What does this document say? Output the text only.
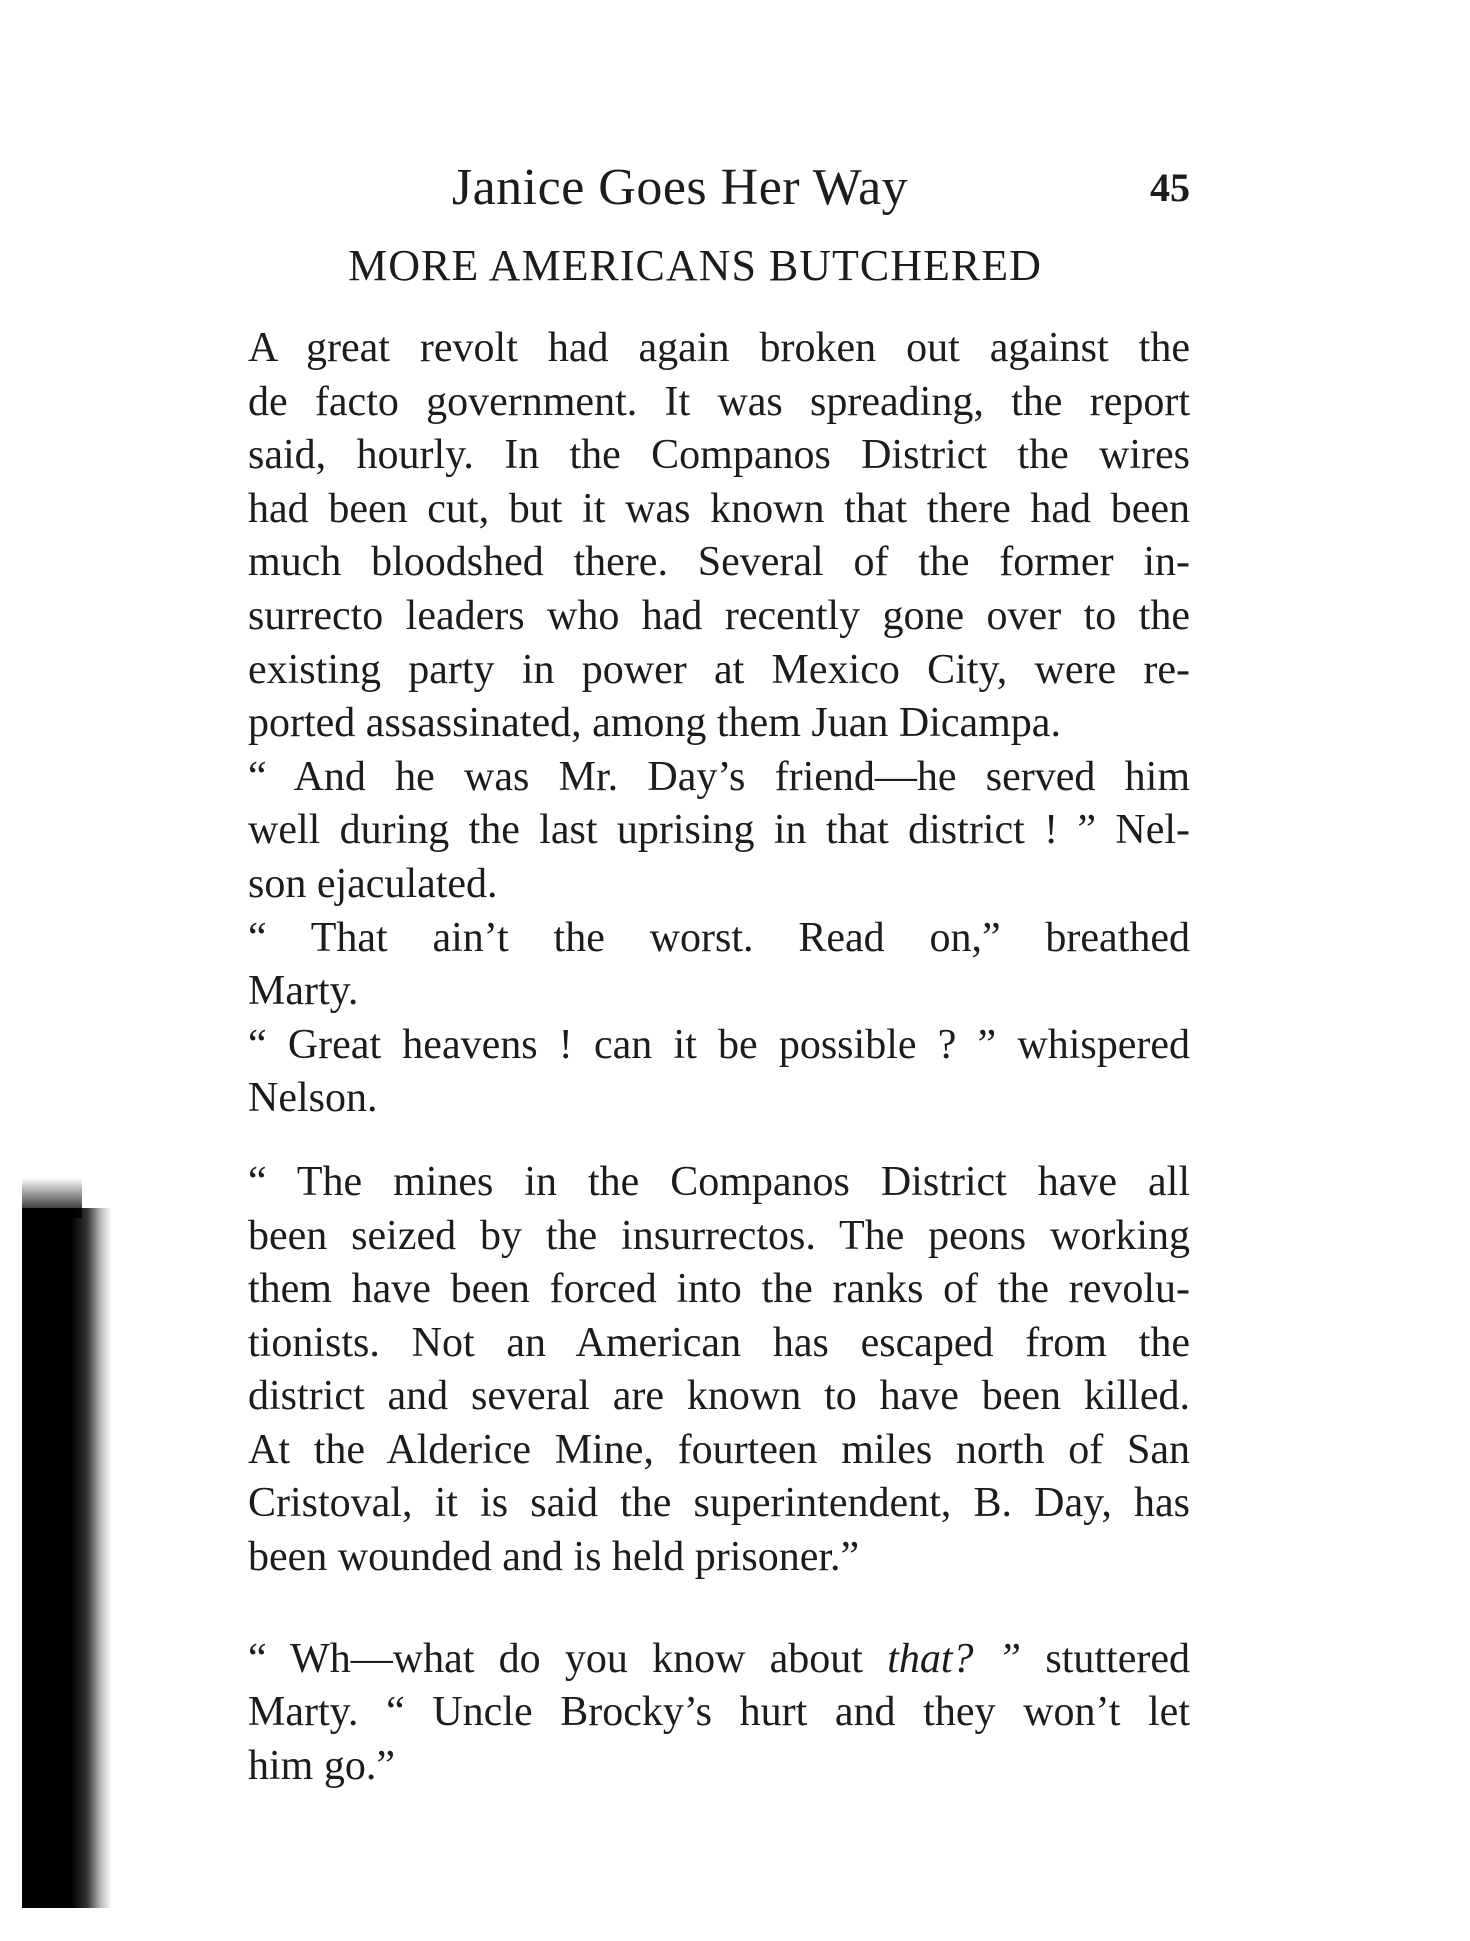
Janice Goes Her Way	45
MORE AMERICANS BUTCHERED
A great revolt had again broken out against the
de facto government. It was spreading, the report
said, hourly. In the Companos District the wires
had been cut, but it was known that there had been
much bloodshed there. Several of the former in-
surrecto leaders who had recently gone over to the
existing party in power at Mexico City, were re-
ported assassinated, among them Juan Dicampa.
“ And he was Mr. Day’s friend—he served him
well during the last uprising in that district ! ” Nel-
son ejaculated.
“ That ain’t the worst. Read on,” breathed
Marty.
“ Great heavens ! can it be possible ? ” whispered
Nelson.
“ The mines in the Companos District have all
been seized by the insurrectos. The peons working
them have been forced into the ranks of the revolu-
tionists. Not an American has escaped from the
district and several are known to have been killed.
At the Alderice Mine, fourteen miles north of San
Cristoval, it is said the superintendent, B. Day, has
been wounded and is held prisoner.”
“ Wh—what do you know about that? ” stuttered
Marty. “ Uncle Brocky’s hurt and they won’t let
him go.”
